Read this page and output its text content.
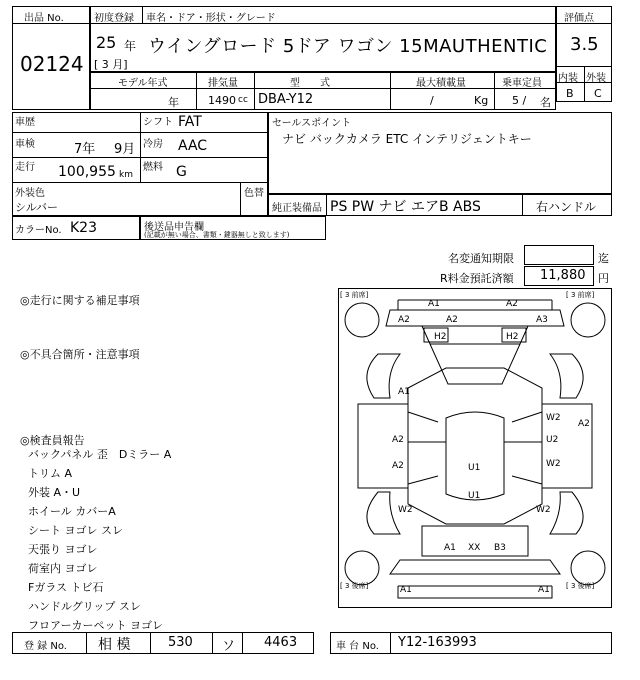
出品 No.
02124
初度登録 車名・ドア・形状・グレード
25 年
[ 3 月]
ウイングロード 5ドア ワゴン 15MAUTHENTIC
評価点
3.5
内装 外装
B C
モデル年式
年
排気量
1490 cc
型　　式
DBA-Y12
最大積載量
/	Kg
乗車定員
5 / 名
車歴	シフト FAT
車検	7年 9月 冷房 AAC
走行 100,955 km
燃料 G
外装色
シルバー
色替
カラーNo. K23	後送品申告欄
(記載が無い場合、書類・鍵器無しと致します)
セールスポイント
ナビ バックカメラ ETC インテリジェントキー
純正装備品 PS PW ナビ エアB ABS	右ハンドル
名変通知期限	迄
R料金預託済額 11,880 円
◎走行に関する補足事項
◎不具合箇所・注意事項
◎検査員報告
バックパネル 歪　Dミラー A
トリム A
外装 A・U
ホイール カバーA
シート ヨゴレ スレ
天張り ヨゴレ
荷室内 ヨゴレ
Fガラス トビ石
ハンドルグリップ スレ
フロアーカーペット ヨゴレ
[ 3 前席]	[ 3 前席]
[ 3 後席]	[ 3 後席]
A1	A2
A2	A2	A3
H2	H2
A1
A2
A2
W2
U2
W2
A2
U1
U1
W2	W2
A1 XX B3
A1	A1
登 録 No. 相 模	530 ソ 4463	車 台 No. Y12-163993
